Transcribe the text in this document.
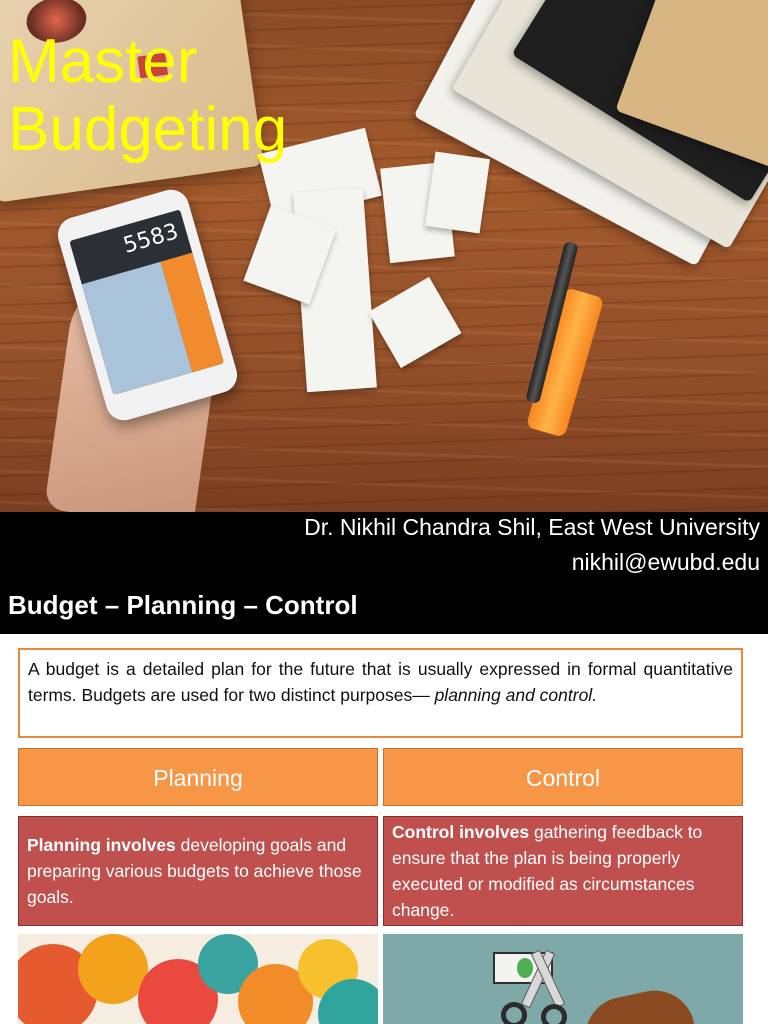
5583
Master
Budgeting
Dr. Nikhil Chandra Shil, East West University
nikhil@ewubd.edu
Budget – Planning – Control
A budget is a detailed plan for the future that is usually expressed in formal quantitative terms. Budgets are used for two distinct purposes— planning and control.
Planning	Control
Planning involves developing goals and preparing various budgets to achieve those goals.
Control involves gathering feedback to ensure that the plan is being properly executed or modified as circumstances change.
